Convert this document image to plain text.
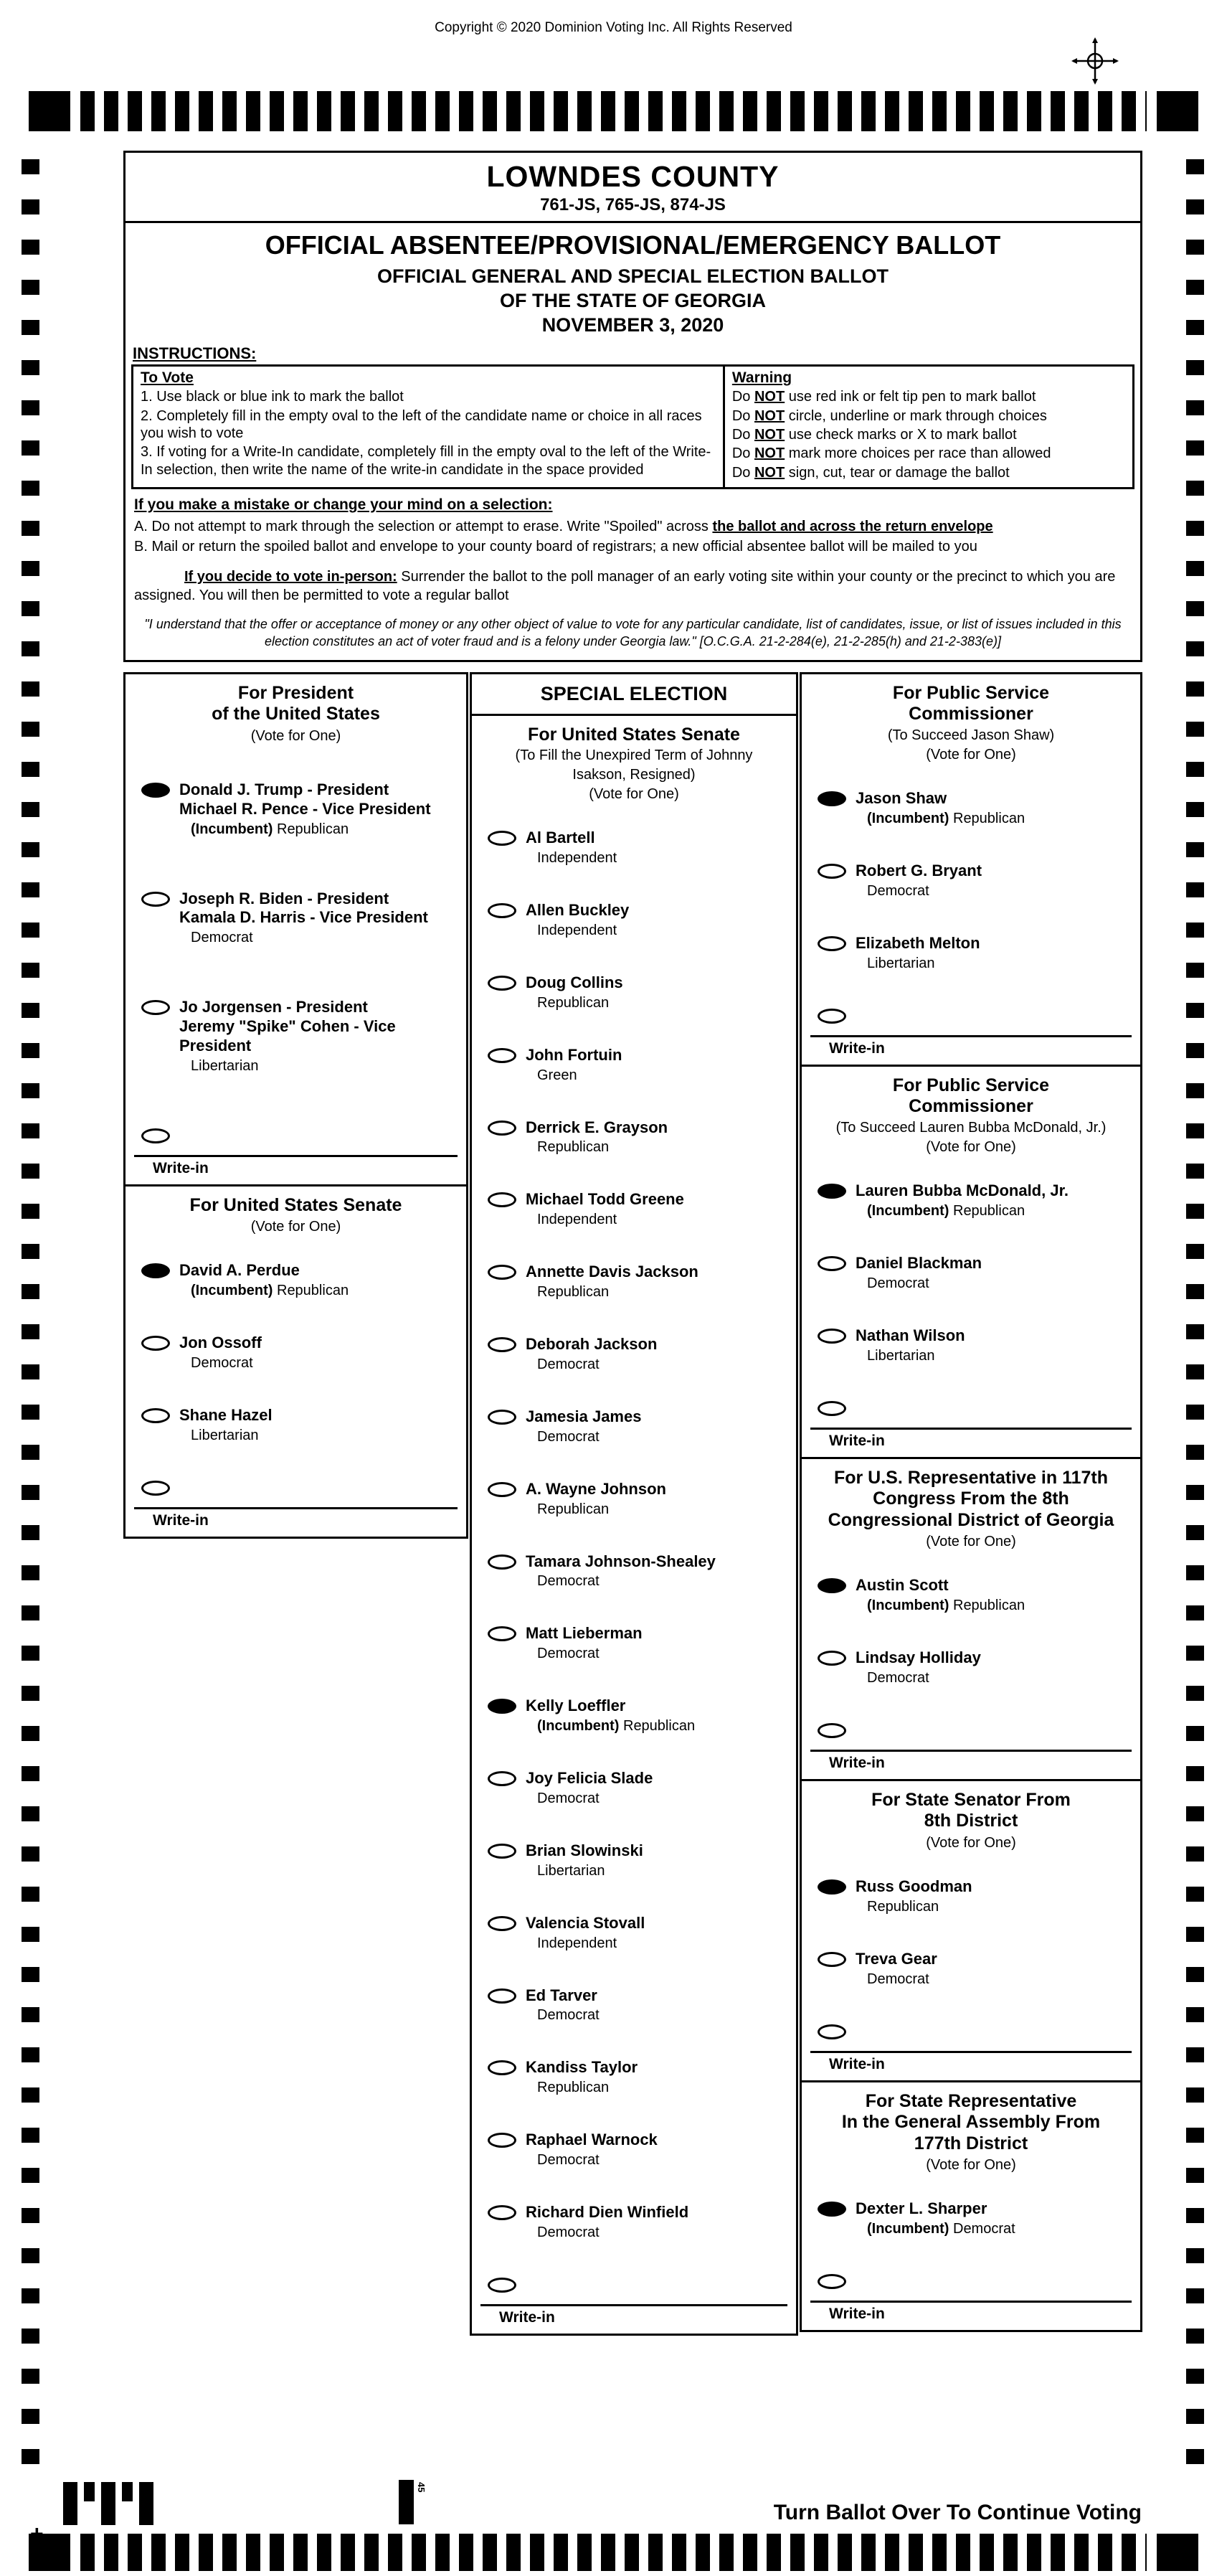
Copyright © 2020 Dominion Voting Inc. All Rights Reserved
LOWNDES COUNTY
761-JS, 765-JS, 874-JS
OFFICIAL ABSENTEE/PROVISIONAL/EMERGENCY BALLOT
OFFICIAL GENERAL AND SPECIAL ELECTION BALLOT
OF THE STATE OF GEORGIA
NOVEMBER 3, 2020
INSTRUCTIONS:
To Vote
1. Use black or blue ink to mark the ballot
2. Completely fill in the empty oval to the left of the candidate name or choice in all races you wish to vote
3. If voting for a Write-In candidate, completely fill in the empty oval to the left of the Write-In selection, then write the name of the write-in candidate in the space provided
Warning
Do NOT use red ink or felt tip pen to mark ballot
Do NOT circle, underline or mark through choices
Do NOT use check marks or X to mark ballot
Do NOT mark more choices per race than allowed
Do NOT sign, cut, tear or damage the ballot
If you make a mistake or change your mind on a selection:
A. Do not attempt to mark through the selection or attempt to erase. Write "Spoiled" across the ballot and across the return envelope
B. Mail or return the spoiled ballot and envelope to your county board of registrars; a new official absentee ballot will be mailed to you
If you decide to vote in-person: Surrender the ballot to the poll manager of an early voting site within your county or the precinct to which you are assigned. You will then be permitted to vote a regular ballot
"I understand that the offer or acceptance of money or any other object of value to vote for any particular candidate, list of candidates, issue, or list of issues included in this election constitutes an act of voter fraud and is a felony under Georgia law." [O.C.G.A. 21-2-284(e), 21-2-285(h) and 21-2-383(e)]
For President
of the United States
(Vote for One)
Donald J. Trump - President
Michael R. Pence - Vice President
(Incumbent) Republican
Joseph R. Biden - President
Kamala D. Harris - Vice President
Democrat
Jo Jorgensen - President
Jeremy "Spike" Cohen - Vice President
Libertarian
Write-in
For United States Senate
(Vote for One)
David A. Perdue
(Incumbent) Republican
Jon Ossoff
Democrat
Shane Hazel
Libertarian
Write-in
SPECIAL ELECTION
For United States Senate
(To Fill the Unexpired Term of Johnny
Isakson, Resigned)
(Vote for One)
Al Bartell
Independent
Allen Buckley
Independent
Doug Collins
Republican
John Fortuin
Green
Derrick E. Grayson
Republican
Michael Todd Greene
Independent
Annette Davis Jackson
Republican
Deborah Jackson
Democrat
Jamesia James
Democrat
A. Wayne Johnson
Republican
Tamara Johnson-Shealey
Democrat
Matt Lieberman
Democrat
Kelly Loeffler
(Incumbent) Republican
Joy Felicia Slade
Democrat
Brian Slowinski
Libertarian
Valencia Stovall
Independent
Ed Tarver
Democrat
Kandiss Taylor
Republican
Raphael Warnock
Democrat
Richard Dien Winfield
Democrat
Write-in
For Public Service
Commissioner
(To Succeed Jason Shaw)
(Vote for One)
Jason Shaw
(Incumbent) Republican
Robert G. Bryant
Democrat
Elizabeth Melton
Libertarian
Write-in
For Public Service
Commissioner
(To Succeed Lauren Bubba McDonald, Jr.)
(Vote for One)
Lauren Bubba McDonald, Jr.
(Incumbent) Republican
Daniel Blackman
Democrat
Nathan Wilson
Libertarian
Write-in
For U.S. Representative in 117th
Congress From the 8th
Congressional District of Georgia
(Vote for One)
Austin Scott
(Incumbent) Republican
Lindsay Holliday
Democrat
Write-in
For State Senator From
8th District
(Vote for One)
Russ Goodman
Republican
Treva Gear
Democrat
Write-in
For State Representative
In the General Assembly From
177th District
(Vote for One)
Dexter L. Sharper
(Incumbent) Democrat
Write-in
45
Turn Ballot Over To Continue Voting
